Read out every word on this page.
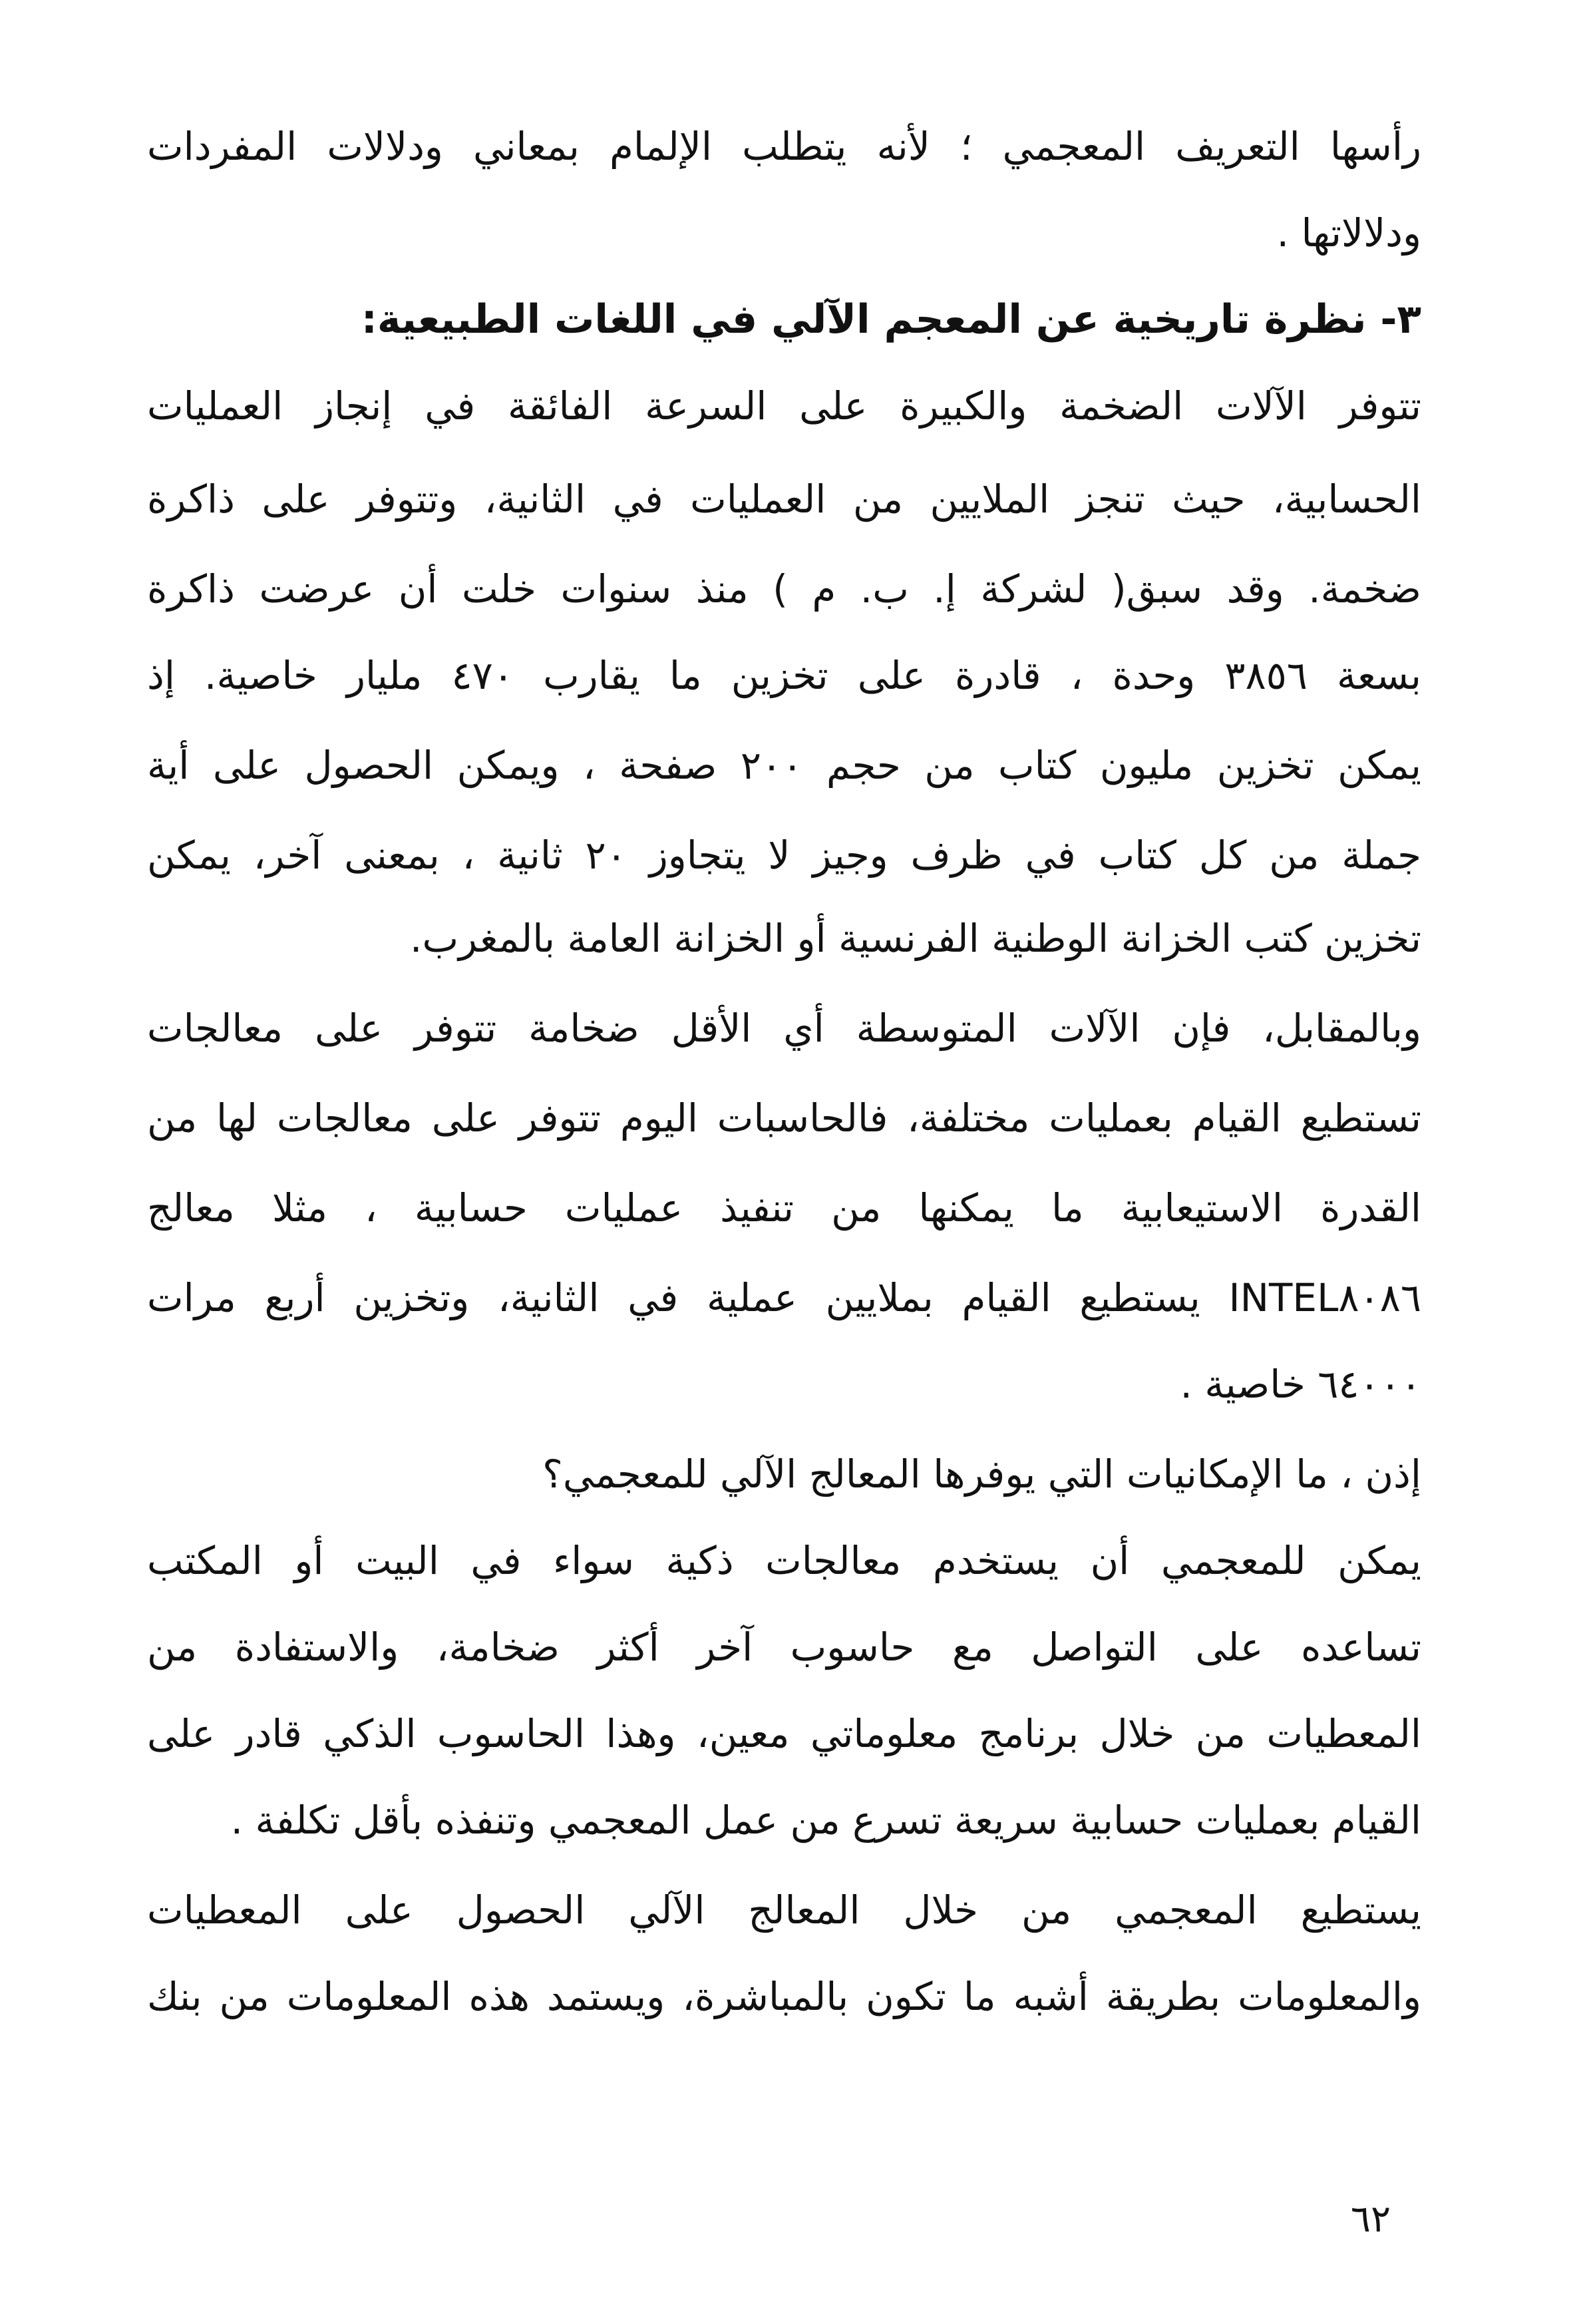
رأسها التعريف المعجمي ؛ لأنه يتطلب الإلمام بمعاني ودلالات المفردات
ودلالاتها .
٣- نظرة تاريخية عن المعجم الآلي في اللغات الطبيعية:
تتوفر الآلات الضخمة والكبيرة على السرعة الفائقة في إنجاز العمليات
الحسابية، حيث تنجز الملايين من العمليات في الثانية، وتتوفر على ذاكرة
ضخمة. وقد سبق( لشركة إ. ب. م ) منذ سنوات خلت أن عرضت ذاكرة
بسعة ٣٨٥٦ وحدة ، قادرة على تخزين ما يقارب ٤٧٠ مليار خاصية. إذ
يمكن تخزين مليون كتاب من حجم ٢٠٠ صفحة ، ويمكن الحصول على أية
جملة من كل كتاب في ظرف وجيز لا يتجاوز ٢٠ ثانية ، بمعنى آخر، يمكن
تخزين كتب الخزانة الوطنية الفرنسية أو الخزانة العامة بالمغرب.
وبالمقابل، فإن الآلات المتوسطة أي الأقل ضخامة تتوفر على معالجات
تستطيع القيام بعمليات مختلفة، فالحاسبات اليوم تتوفر على معالجات لها من
القدرة الاستيعابية ما يمكنها من تنفيذ عمليات حسابية ، مثلا معالج
INTEL٨٠٨٦ يستطيع القيام بملايين عملية في الثانية، وتخزين أربع مرات
٦٤٠٠٠ خاصية .
إذن ، ما الإمكانيات التي يوفرها المعالج الآلي للمعجمي؟
يمكن للمعجمي أن يستخدم معالجات ذكية سواء في البيت أو المكتب
تساعده على التواصل مع حاسوب آخر أكثر ضخامة، والاستفادة من
المعطيات من خلال برنامج معلوماتي معين، وهذا الحاسوب الذكي قادر على
القيام بعمليات حسابية سريعة تسرع من عمل المعجمي وتنفذه بأقل تكلفة .
يستطيع المعجمي من خلال المعالج الآلي الحصول على المعطيات
والمعلومات بطريقة أشبه ما تكون بالمباشرة، ويستمد هذه المعلومات من بنك
٦٢
